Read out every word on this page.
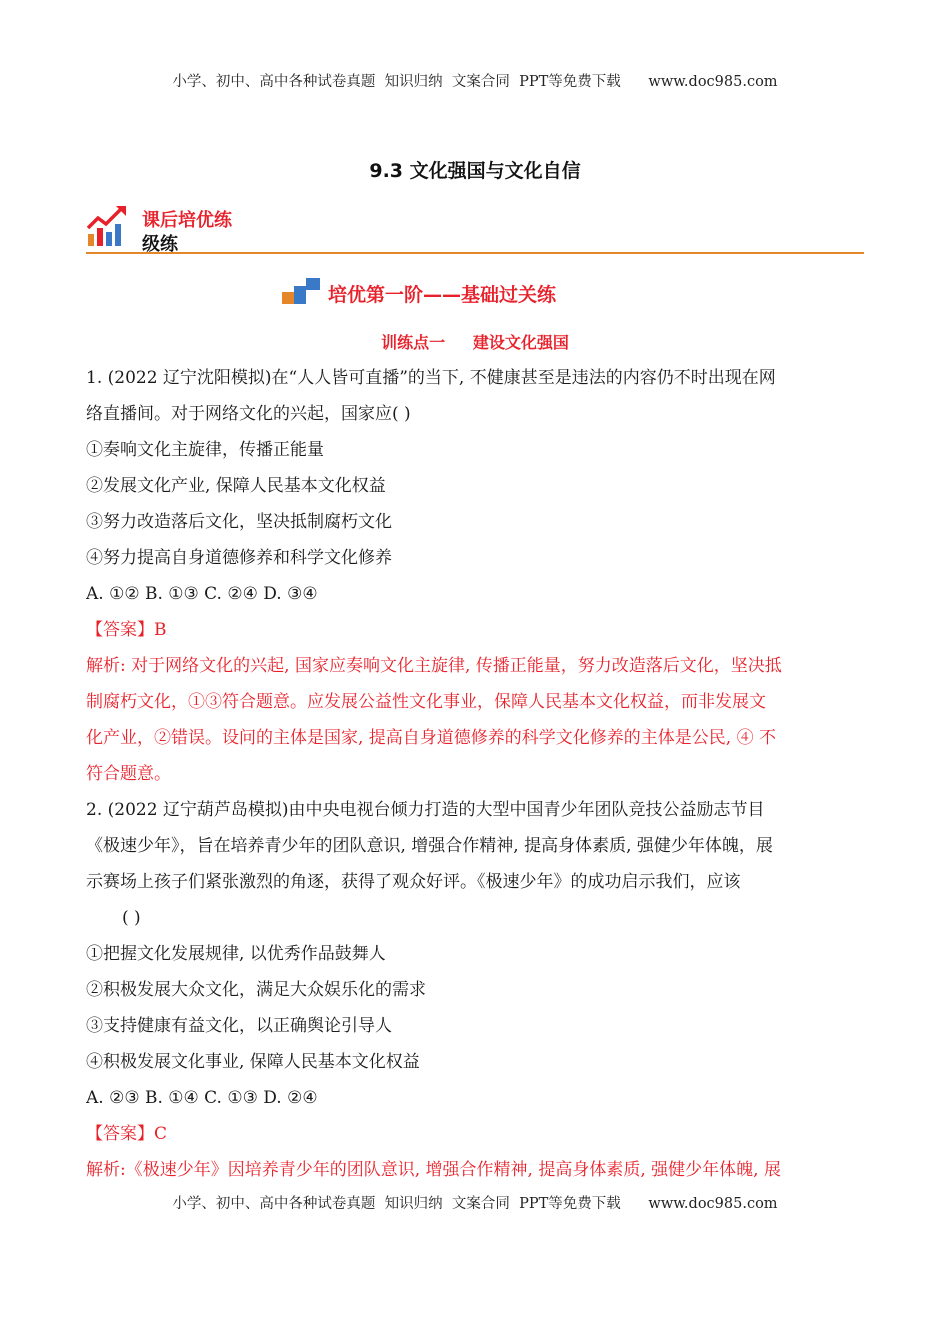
小学、初中、高中各种试卷真题  知识归纳  文案合同  PPT等免费下载      www.doc985.com
9.3 文化强国与文化自信
课后培优练
级练
培优第一阶——基础过关练
训练点一     建设文化强国
1. (2022 辽宁沈阳模拟)在“人人皆可直播”的当下, 不健康甚至是违法的内容仍不时出现在网
络直播间。对于网络文化的兴起，国家应( )
①奏响文化主旋律，传播正能量
②发展文化产业, 保障人民基本文化权益
③努力改造落后文化，坚决抵制腐朽文化
④努力提高自身道德修养和科学文化修养
A. ①② B. ①③ C. ②④ D. ③④
【答案】B
解析: 对于网络文化的兴起, 国家应奏响文化主旋律, 传播正能量，努力改造落后文化，坚决抵
制腐朽文化，①③符合题意。应发展公益性文化事业，保障人民基本文化权益，而非发展文
化产业，②错误。设问的主体是国家, 提高自身道德修养的科学文化修养的主体是公民, ④ 不
符合题意。
2. (2022 辽宁葫芦岛模拟)由中央电视台倾力打造的大型中国青少年团队竞技公益励志节目
《极速少年》，旨在培养青少年的团队意识, 增强合作精神, 提高身体素质, 强健少年体魄，展
示赛场上孩子们紧张激烈的角逐，获得了观众好评。《极速少年》的成功启示我们，应该
( )
①把握文化发展规律, 以优秀作品鼓舞人
②积极发展大众文化，满足大众娱乐化的需求
③支持健康有益文化，以正确舆论引导人
④积极发展文化事业, 保障人民基本文化权益
A. ②③ B. ①④ C. ①③ D. ②④
【答案】C
解析:《极速少年》因培养青少年的团队意识, 增强合作精神, 提高身体素质, 强健少年体魄, 展
小学、初中、高中各种试卷真题  知识归纳  文案合同  PPT等免费下载      www.doc985.com
